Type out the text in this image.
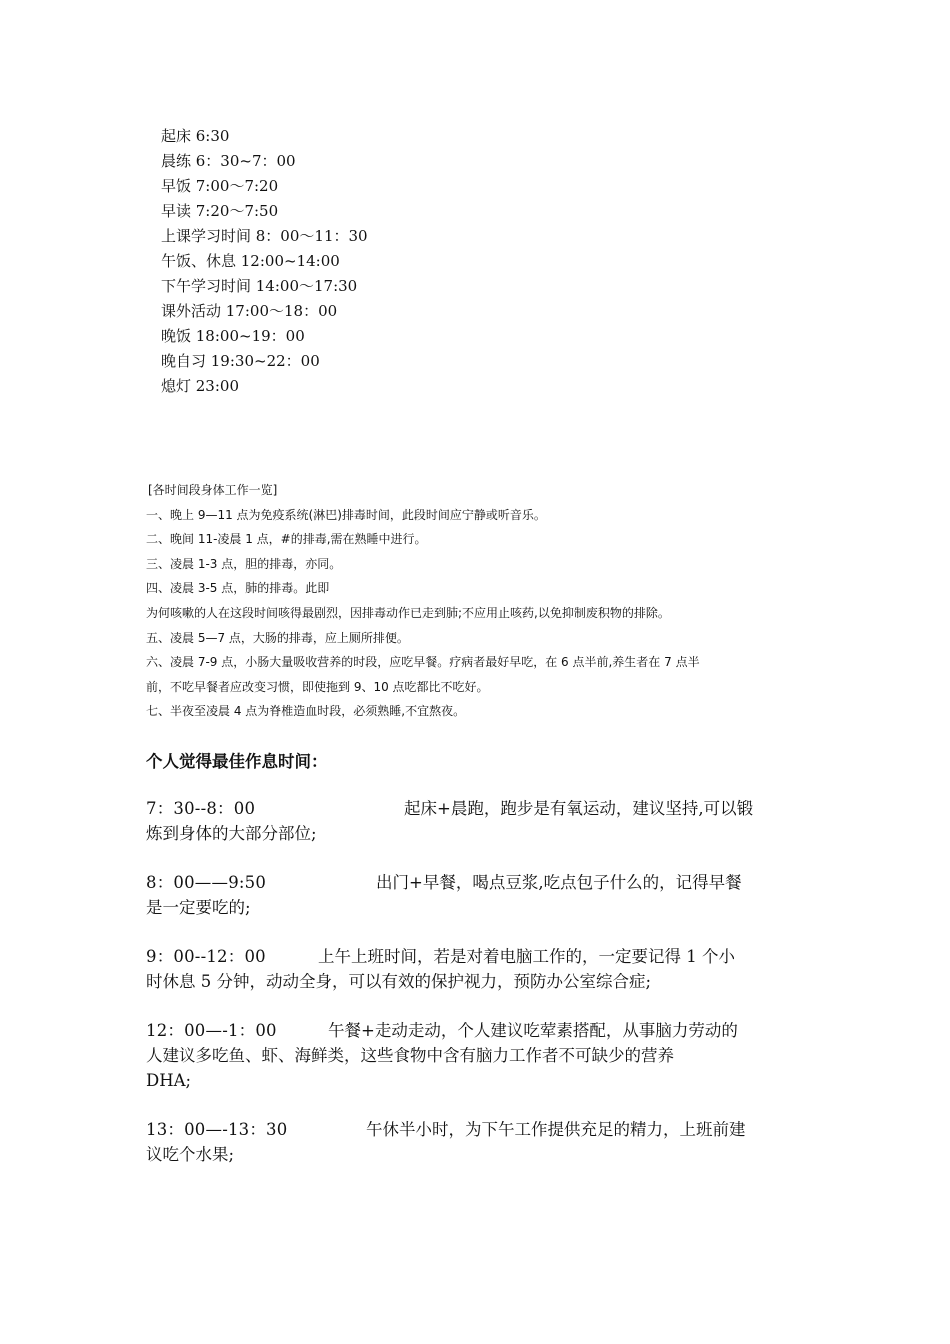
起床 6:30
晨练 6：30~7：00
早饭 7:00～7:20
早读 7:20～7:50
上课学习时间 8：00～11：30
午饭、休息 12:00~14:00
下午学习时间 14:00～17:30
课外活动 17:00～18：00
晚饭 18:00~19：00
晚自习 19:30~22：00
熄灯 23:00

[各时间段身体工作一览]

一、晚上 9—11 点为免疫系统(淋巴)排毒时间，此段时间应宁静或听音乐。

二、晚间 11-凌晨 1 点，#的排毒,需在熟睡中进行。

三、凌晨 1-3 点，胆的排毒，亦同。

四、凌晨 3-5 点，肺的排毒。此即

为何咳嗽的人在这段时间咳得最剧烈，因排毒动作已走到肺;不应用止咳药,以免抑制废积物的排除。

五、凌晨 5—7 点，大肠的排毒，应上厕所排便。

六、凌晨 7-9 点，小肠大量吸收营养的时段，应吃早餐。疗病者最好早吃，在 6 点半前,养生者在 7 点半

前，不吃早餐者应改变习惯，即使拖到 9、10 点吃都比不吃好。

七、半夜至凌晨 4 点为脊椎造血时段，必须熟睡,不宜熬夜。

个人觉得最佳作息时间：
7：30--8：00	起床+晨跑，跑步是有氧运动，建议坚持,可以锻
炼到身体的大部分部位;
8：00——9:50	出门+早餐，喝点豆浆,吃点包子什么的，记得早餐
是一定要吃的;
9：00--12：00	上午上班时间，若是对着电脑工作的，一定要记得 1 个小
时休息 5 分钟，动动全身，可以有效的保护视力，预防办公室综合症;
12：00—-1：00	午餐+走动走动，个人建议吃荤素搭配，从事脑力劳动的
人建议多吃鱼、虾、海鲜类，这些食物中含有脑力工作者不可缺少的营养
DHA;
13：00—-13：30	午休半小时，为下午工作提供充足的精力，上班前建
议吃个水果;
